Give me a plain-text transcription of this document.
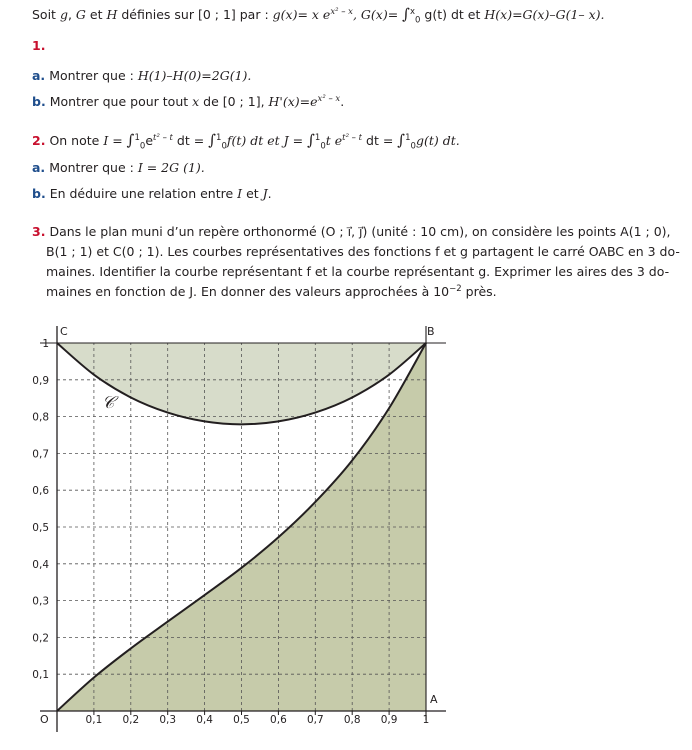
Soit g, G et H définies sur [0 ; 1] par : g(x)= x $e^{x^2 - x}$, G(x)= ∫$^x_0$ g(t) dt et H(x)=G(x)–G(1– x).
1.
a. Montrer que : H(1)–H(0)=2G(1).
b. Montrer que pour tout x de [0 ; 1], $H'(x)=e^{x^2 - x}$.
2. On note $I = \int^1_0e^{t^2 - t}$ dt = ∫$^1_0$f(t) dt et J = ∫$^1_0$t $e^{t^2 - t}$ dt = ∫$^1_0$g(t) dt.
a. Montrer que : I = 2G (1).
b. En déduire une relation entre I et J.
3. Dans le plan muni d’un repère orthonormé (O ; i⃗, j⃗) (unité : 10 cm), on considère les points A(1 ; 0),
B(1 ; 1) et C(0 ; 1). Les courbes représentatives des fonctions f et g partagent le carré OABC en 3 do-
maines. Identifier la courbe représentant f et la courbe représentant g. Exprimer les aires des 3 do-
maines en fonction de J. En donner des valeurs approchées à $10^{-2}$ près.
0,1 0,2 0,3 0,4 0,5 0,6 0,7 0,8 0,9 1
0,1
0,2
0,3
0,4
0,5
0,6
0,7
0,8
0,9
1
O
C	B
A
𝒞
